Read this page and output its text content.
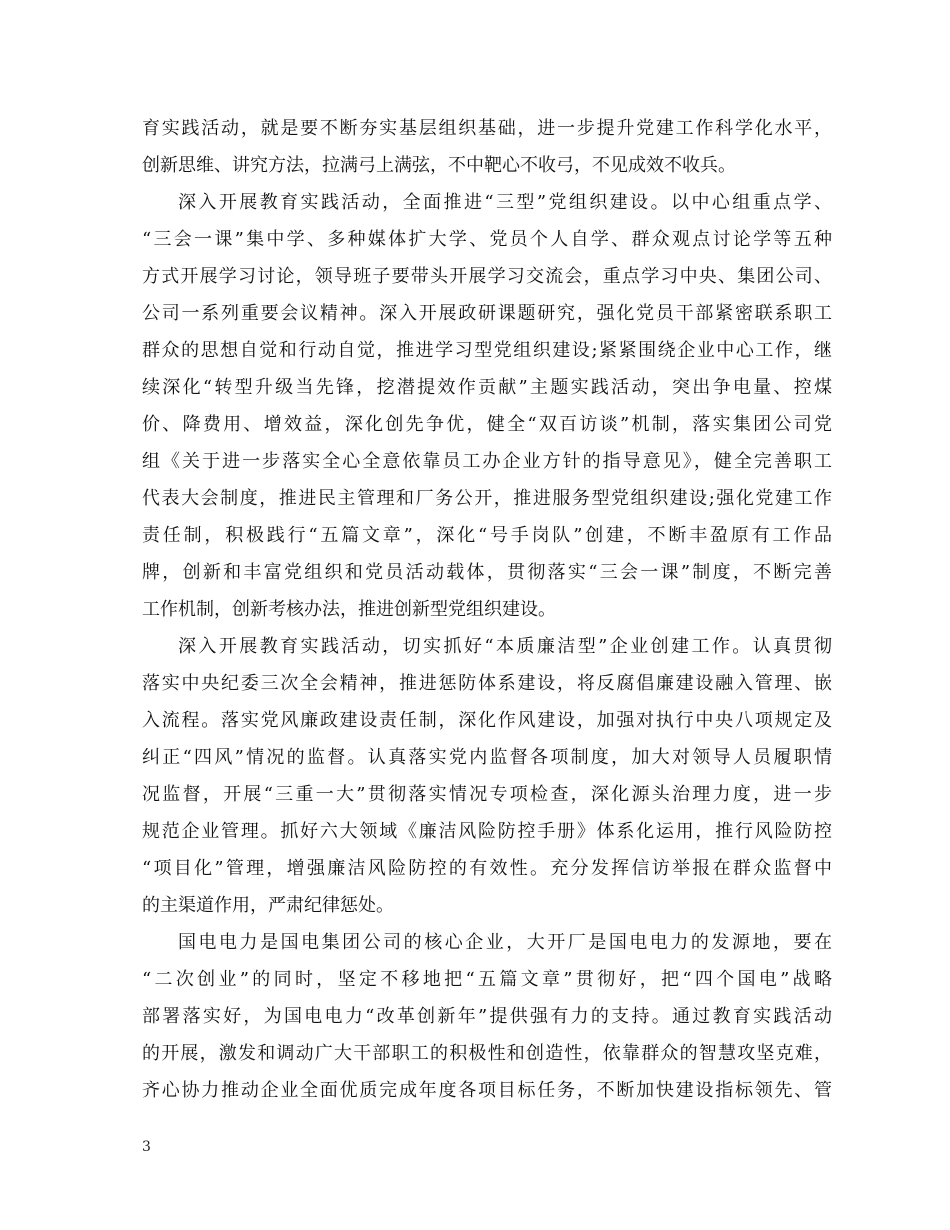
育实践活动，就是要不断夯实基层组织基础，进一步提升党建工作科学化水平，
创新思维、讲究方法，拉满弓上满弦，不中靶心不收弓，不见成效不收兵。
深入开展教育实践活动，全面推进“三型”党组织建设。以中心组重点学、
“三会一课”集中学、多种媒体扩大学、党员个人自学、群众观点讨论学等五种
方式开展学习讨论，领导班子要带头开展学习交流会，重点学习中央、集团公司、
公司一系列重要会议精神。深入开展政研课题研究，强化党员干部紧密联系职工
群众的思想自觉和行动自觉，推进学习型党组织建设;紧紧围绕企业中心工作，继
续深化“转型升级当先锋，挖潜提效作贡献”主题实践活动，突出争电量、控煤
价、降费用、增效益，深化创先争优，健全“双百访谈”机制，落实集团公司党
组《关于进一步落实全心全意依靠员工办企业方针的指导意见》，健全完善职工
代表大会制度，推进民主管理和厂务公开，推进服务型党组织建设;强化党建工作
责任制，积极践行“五篇文章”，深化“号手岗队”创建，不断丰盈原有工作品
牌，创新和丰富党组织和党员活动载体，贯彻落实“三会一课”制度，不断完善
工作机制，创新考核办法，推进创新型党组织建设。
深入开展教育实践活动，切实抓好“本质廉洁型”企业创建工作。认真贯彻
落实中央纪委三次全会精神，推进惩防体系建设，将反腐倡廉建设融入管理、嵌
入流程。落实党风廉政建设责任制，深化作风建设，加强对执行中央八项规定及
纠正“四风”情况的监督。认真落实党内监督各项制度，加大对领导人员履职情
况监督，开展“三重一大”贯彻落实情况专项检查，深化源头治理力度，进一步
规范企业管理。抓好六大领域《廉洁风险防控手册》体系化运用，推行风险防控
“项目化”管理，增强廉洁风险防控的有效性。充分发挥信访举报在群众监督中
的主渠道作用，严肃纪律惩处。
国电电力是国电集团公司的核心企业，大开厂是国电电力的发源地，要在
“二次创业”的同时，坚定不移地把“五篇文章”贯彻好，把“四个国电”战略
部署落实好，为国电电力“改革创新年”提供强有力的支持。通过教育实践活动
的开展，激发和调动广大干部职工的积极性和创造性，依靠群众的智慧攻坚克难，
齐心协力推动企业全面优质完成年度各项目标任务，不断加快建设指标领先、管
3
